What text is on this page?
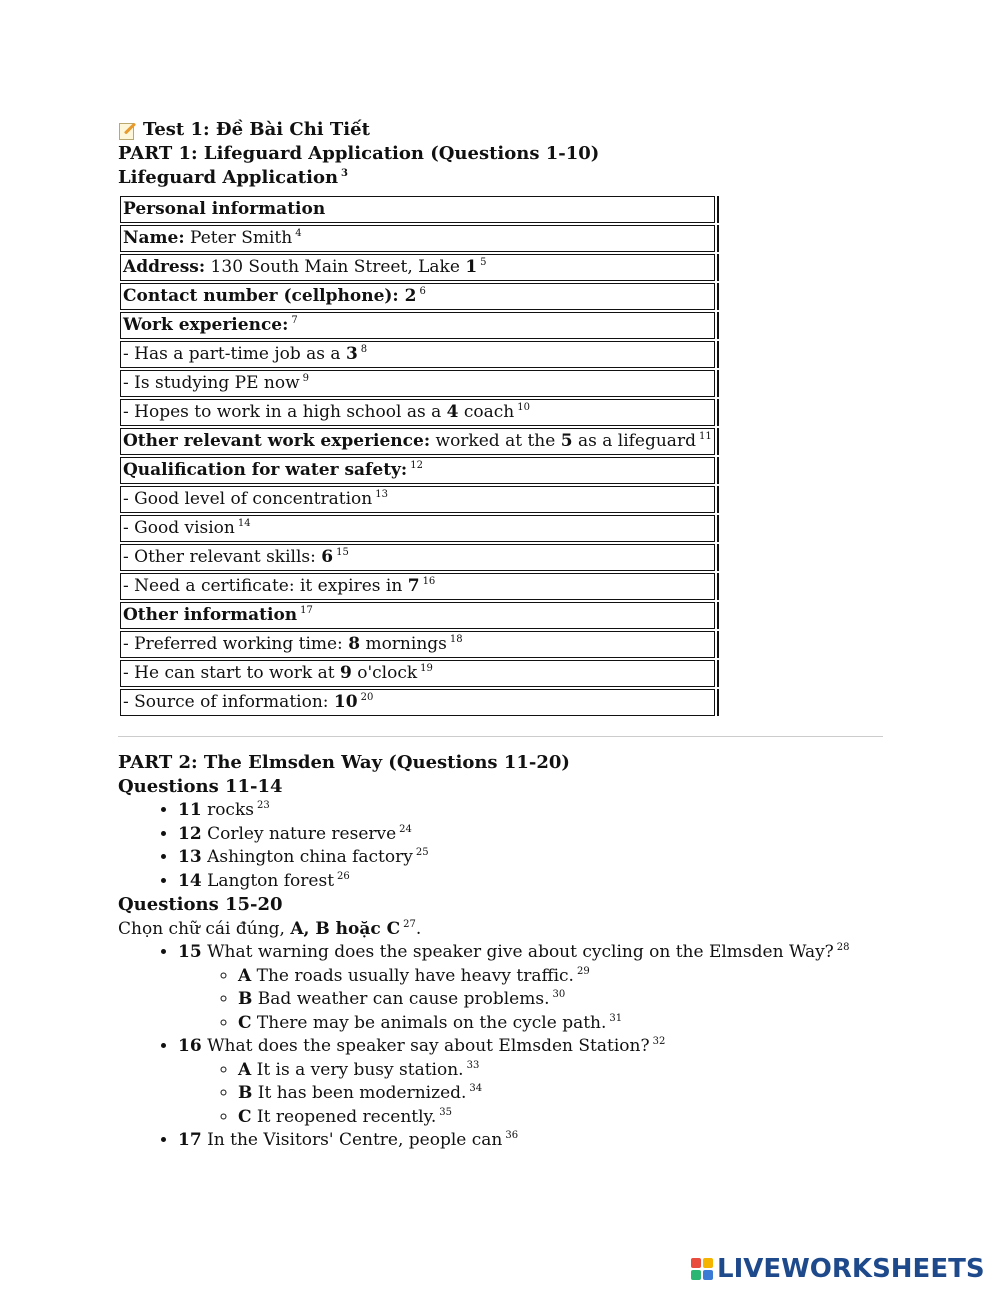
Test 1: Đề Bài Chi Tiết
PART 1: Lifeguard Application (Questions 1-10)
Lifeguard Application $^3$
Personal information	
Name: Peter Smith $^4$	
Address: 130 South Main Street, Lake 1 $^5$	
Contact number (cellphone): 2 $^6$	
Work experience: $^7$	
- Has a part-time job as a 3 $^8$	
- Is studying PE now $^9$	
- Hopes to work in a high school as a 4 coach $^{10}$	
Other relevant work experience: worked at the 5 as a lifeguard $^{11}$	
Qualification for water safety: $^{12}$	
- Good level of concentration $^{13}$	
- Good vision $^{14}$	
- Other relevant skills: 6 $^{15}$	
- Need a certificate: it expires in 7 $^{16}$	
Other information $^{17}$	
- Preferred working time: 8 mornings $^{18}$	
- He can start to work at 9 o'clock $^{19}$	
- Source of information: 10 $^{20}$	
PART 2: The Elmsden Way (Questions 11-20)
Questions 11-14
• 11 rocks $^{23}$
• 12 Corley nature reserve $^{24}$
• 13 Ashington china factory $^{25}$
• 14 Langton forest $^{26}$
Questions 15-20
Chọn chữ cái đúng, A, B hoặc C $^{27}$.
• 15 What warning does the speaker give about cycling on the Elmsden Way? $^{28}$
◦ A The roads usually have heavy traffic. $^{29}$
◦ B Bad weather can cause problems. $^{30}$
◦ C There may be animals on the cycle path. $^{31}$
• 16 What does the speaker say about Elmsden Station? $^{32}$
◦ A It is a very busy station. $^{33}$
◦ B It has been modernized. $^{34}$
◦ C It reopened recently. $^{35}$
• 17 In the Visitors' Centre, people can $^{36}$
LIVEWORKSHEETS
